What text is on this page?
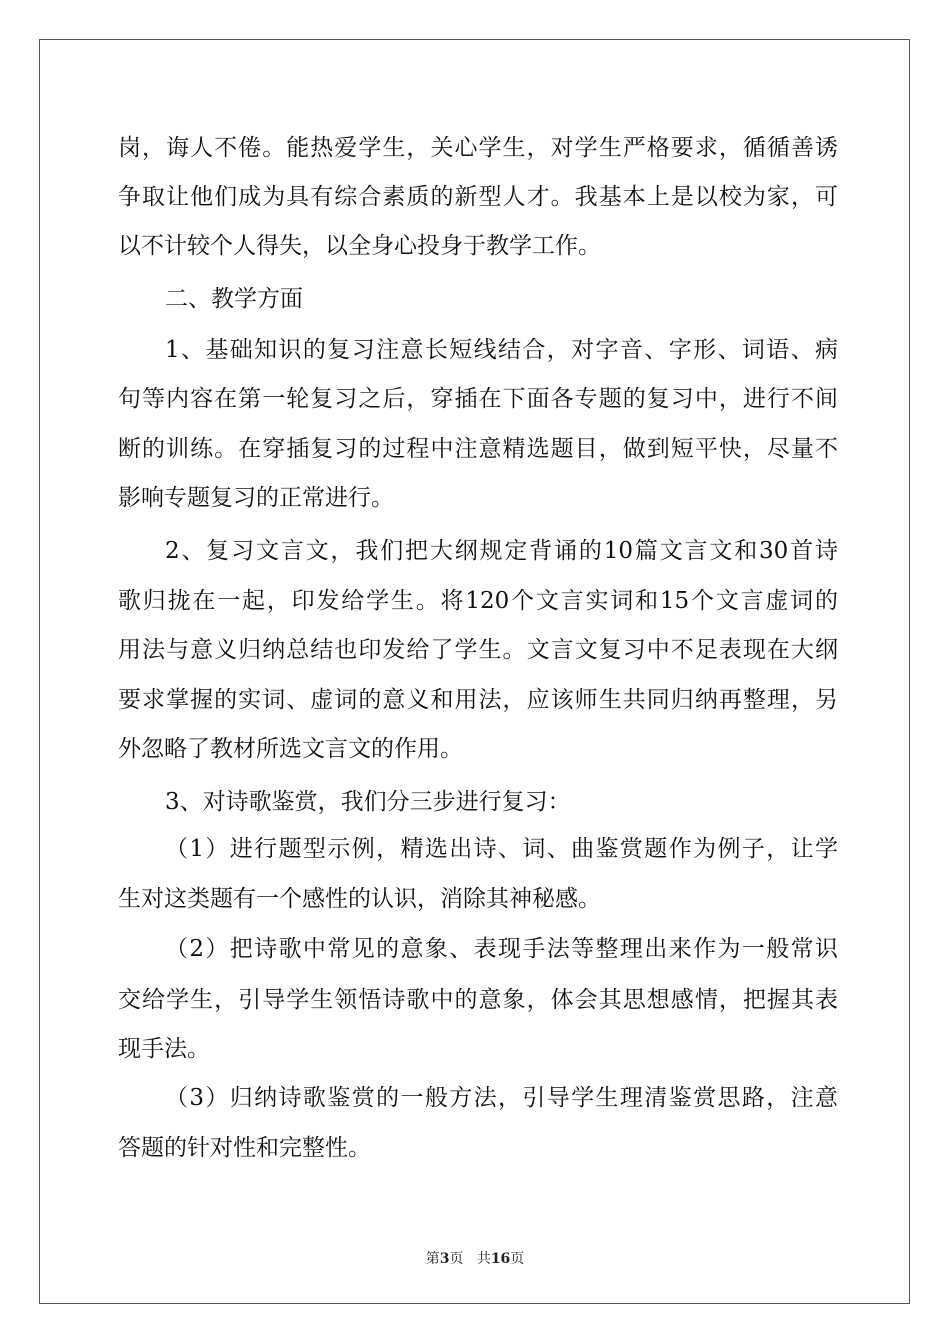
岗，诲人不倦。能热爱学生，关心学生，对学生严格要求，循循善诱
争取让他们成为具有综合素质的新型人才。我基本上是以校为家，可
以不计较个人得失，以全身心投身于教学工作。
二、教学方面
1、基础知识的复习注意长短线结合，对字音、字形、词语、病
句等内容在第一轮复习之后，穿插在下面各专题的复习中，进行不间
断的训练。在穿插复习的过程中注意精选题目，做到短平快，尽量不
影响专题复习的正常进行。
2、复习文言文，我们把大纲规定背诵的10篇文言文和30首诗
歌归拢在一起，印发给学生。将120个文言实词和15个文言虚词的
用法与意义归纳总结也印发给了学生。文言文复习中不足表现在大纲
要求掌握的实词、虚词的意义和用法，应该师生共同归纳再整理，另
外忽略了教材所选文言文的作用。
3、对诗歌鉴赏，我们分三步进行复习：
（1）进行题型示例，精选出诗、词、曲鉴赏题作为例子，让学
生对这类题有一个感性的认识，消除其神秘感。
（2）把诗歌中常见的意象、表现手法等整理出来作为一般常识
交给学生，引导学生领悟诗歌中的意象，体会其思想感情，把握其表
现手法。
（3）归纳诗歌鉴赏的一般方法，引导学生理清鉴赏思路，注意
答题的针对性和完整性。
第3页 共16页
